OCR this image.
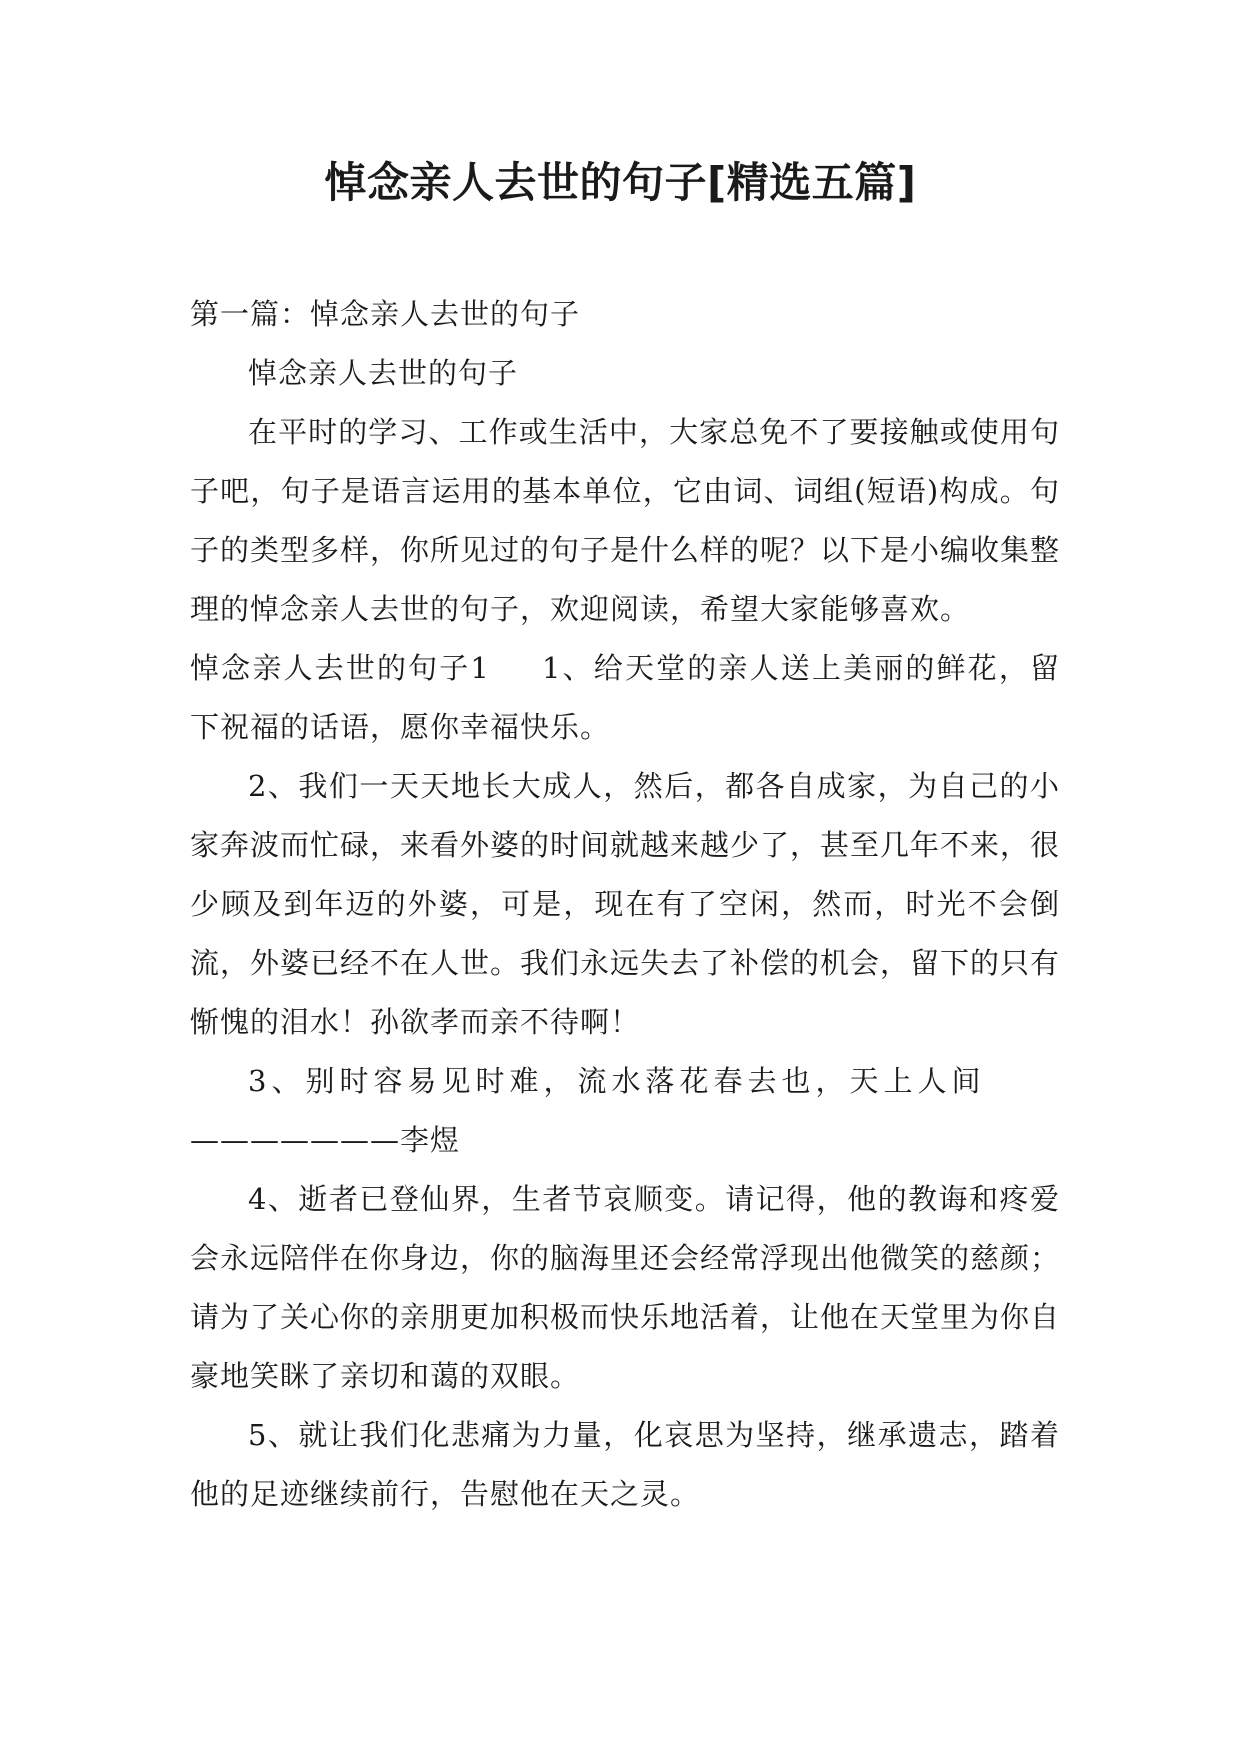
悼念亲人去世的句子[精选五篇]

第一篇：悼念亲人去世的句子

悼念亲人去世的句子

在平时的学习、工作或生活中，大家总免不了要接触或使用句子吧，句子是语言运用的基本单位，它由词、词组(短语)构成。句子的类型多样，你所见过的句子是什么样的呢？以下是小编收集整理的悼念亲人去世的句子，欢迎阅读，希望大家能够喜欢。

悼念亲人去世的句子1 1、给天堂的亲人送上美丽的鲜花，留下祝福的话语，愿你幸福快乐。

2、我们一天天地长大成人，然后，都各自成家，为自己的小家奔波而忙碌，来看外婆的时间就越来越少了，甚至几年不来，很少顾及到年迈的外婆，可是，现在有了空闲，然而，时光不会倒流，外婆已经不在人世。我们永远失去了补偿的机会，留下的只有惭愧的泪水！孙欲孝而亲不待啊！

3、别时容易见时难，流水落花春去也，天上人间

———————李煜

4、逝者已登仙界，生者节哀顺变。请记得，他的教诲和疼爱会永远陪伴在你身边，你的脑海里还会经常浮现出他微笑的慈颜；请为了关心你的亲朋更加积极而快乐地活着，让他在天堂里为你自豪地笑眯了亲切和蔼的双眼。

5、就让我们化悲痛为力量，化哀思为坚持，继承遗志，踏着他的足迹继续前行，告慰他在天之灵。
